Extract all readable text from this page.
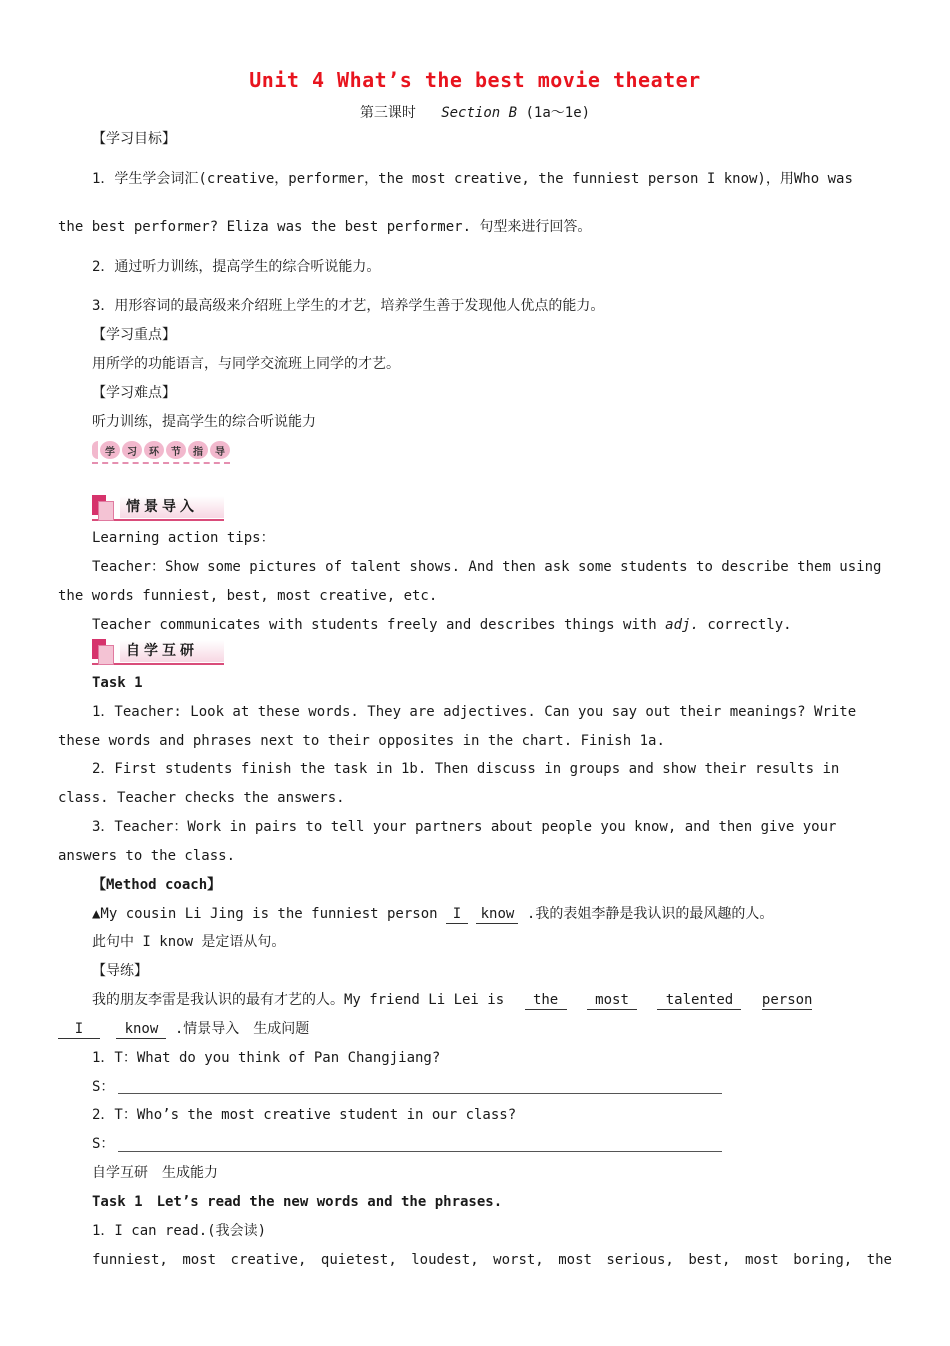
Unit 4 What’s the best movie theater
第三课时 Section B (1a～1e)
【学习目标】
1．学生学会词汇(creative，performer，the most creative, the funniest person I know)，用Who was
the best performer? Eliza was the best performer. 句型来进行回答。
2．通过听力训练，提高学生的综合听说能力。
3．用形容词的最高级来介绍班上学生的才艺，培养学生善于发现他人优点的能力。
【学习重点】
用所学的功能语言，与同学交流班上同学的才艺。
【学习难点】
听力训练，提高学生的综合听说能力
学	习	环	节	指	导
情景导入
Learning action tips：
Teacher：Show some pictures of talent shows. And then ask some students to describe them using
the words funniest, best, most creative, etc.
Teacher communicates with students freely and describes things with adj. correctly.
自学互研
Task 1
1．Teacher: Look at these words. They are adjectives. Can you say out their meanings? Write
these words and phrases next to their opposites in the chart. Finish 1a.
2．First students finish the task in 1b. Then discuss in groups and show their results in
class. Teacher checks the answers.
3．Teacher：Work in pairs to tell your partners about people you know, and then give your
answers to the class.
【Method coach】
▲My cousin Li Jing is the funniest person I know .我的表姐李静是我认识的最风趣的人。
此句中 I know 是定语从句。
【导练】
我的朋友李雷是我认识的最有才艺的人。My friend Li Lei is the	most	talented person
I	know .情景导入　生成问题
1．T：What do you think of Pan Changjiang?
S：
2．T：Who’s the most creative student in our class?
S：
自学互研　生成能力
Task 1　Let’s read the new words and the phrases.
1．I can read.(我会读)
funniest, most creative, quietest, loudest, worst, most serious, best, most boring, the
